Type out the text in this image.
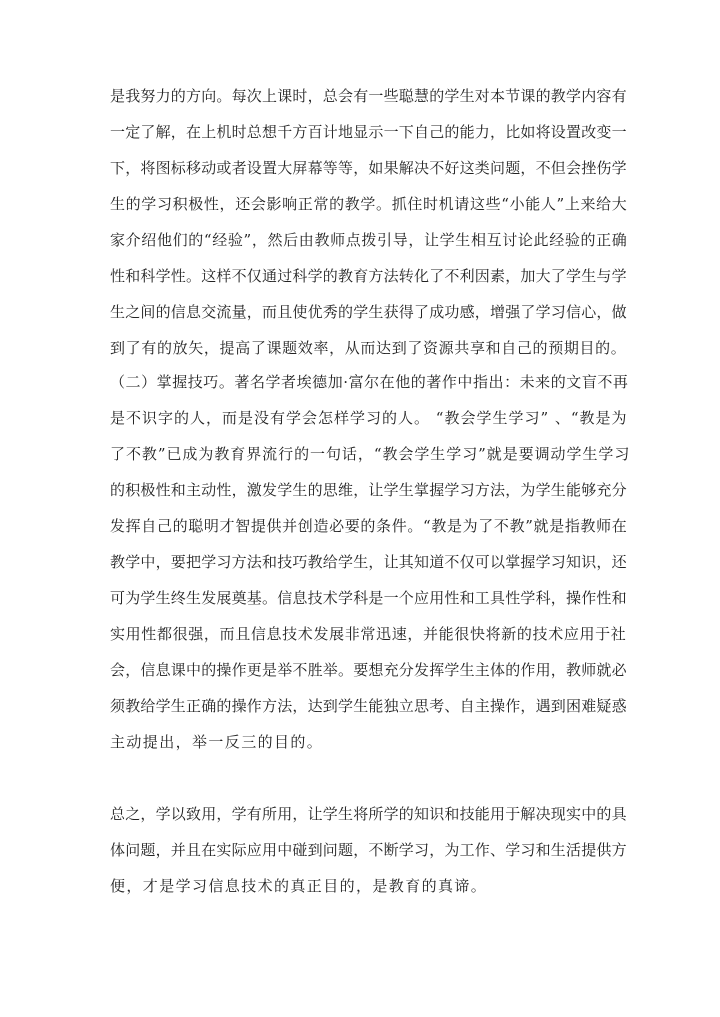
是我努力的方向。每次上课时，总会有一些聪慧的学生对本节课的教学内容有
一定了解，在上机时总想千方百计地显示一下自己的能力，比如将设置改变一
下，将图标移动或者设置大屏幕等等，如果解决不好这类问题，不但会挫伤学
生的学习积极性，还会影响正常的教学。抓住时机请这些“小能人”上来给大
家介绍他们的“经验”，然后由教师点拨引导，让学生相互讨论此经验的正确
性和科学性。这样不仅通过科学的教育方法转化了不利因素，加大了学生与学
生之间的信息交流量，而且使优秀的学生获得了成功感，增强了学习信心，做
到了有的放矢，提高了课题效率，从而达到了资源共享和自己的预期目的。
（二）掌握技巧。著名学者埃德加·富尔在他的著作中指出：未来的文盲不再
是不识字的人，而是没有学会怎样学习的人。 “教会学生学习” 、“教是为
了不教”已成为教育界流行的一句话，“教会学生学习”就是要调动学生学习
的积极性和主动性，激发学生的思维，让学生掌握学习方法，为学生能够充分
发挥自己的聪明才智提供并创造必要的条件。“教是为了不教”就是指教师在
教学中，要把学习方法和技巧教给学生，让其知道不仅可以掌握学习知识，还
可为学生终生发展奠基。信息技术学科是一个应用性和工具性学科，操作性和
实用性都很强，而且信息技术发展非常迅速，并能很快将新的技术应用于社
会，信息课中的操作更是举不胜举。要想充分发挥学生主体的作用，教师就必
须教给学生正确的操作方法，达到学生能独立思考、自主操作，遇到困难疑惑
主动提出，举一反三的目的。
总之，学以致用，学有所用，让学生将所学的知识和技能用于解决现实中的具
体问题，并且在实际应用中碰到问题，不断学习，为工作、学习和生活提供方
便，才是学习信息技术的真正目的，是教育的真谛。
